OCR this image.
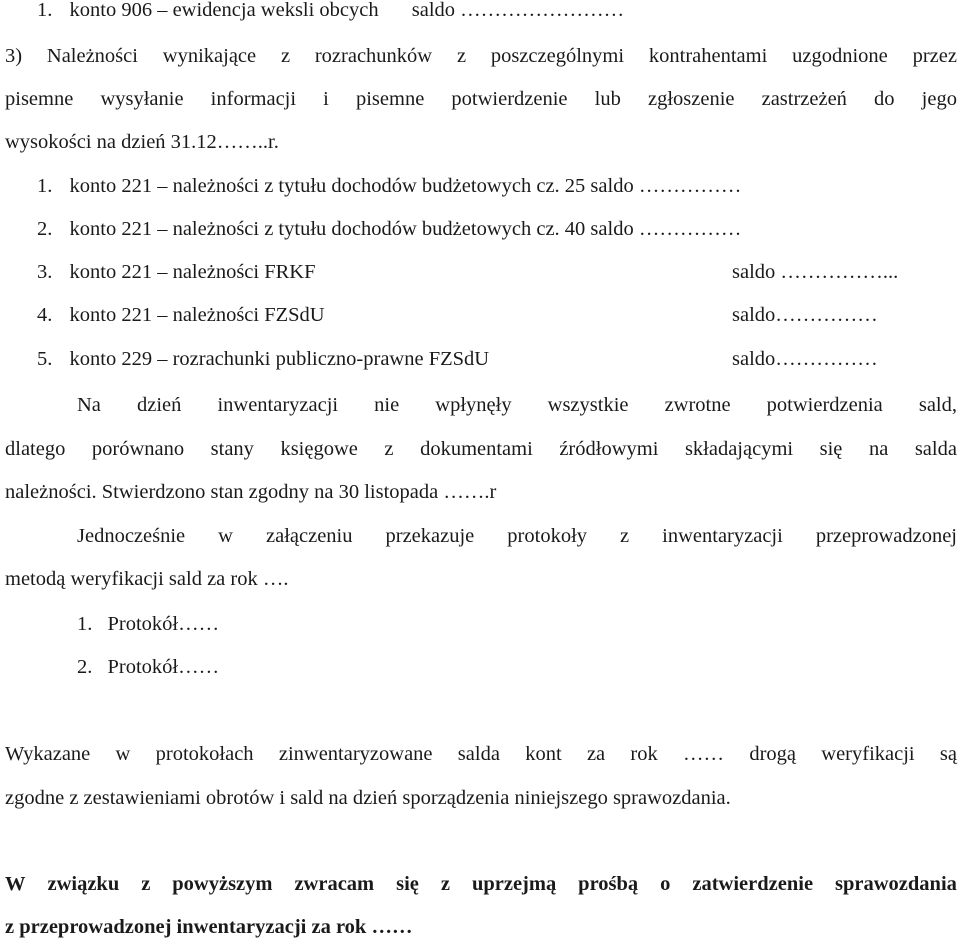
1. konto 906 – ewidencja weksli obcych saldo ……………………
3) Należności wynikające z rozrachunków z poszczególnymi kontrahentami uzgodnione przez
pisemne wysyłanie informacji i pisemne potwierdzenie lub zgłoszenie zastrzeżeń do jego
wysokości na dzień 31.12……..r.
1. konto 221 – należności z tytułu dochodów budżetowych cz. 25 saldo ……………
2. konto 221 – należności z tytułu dochodów budżetowych cz. 40 saldo ……………
3. konto 221 – należności FRKF	saldo ……………...
4. konto 221 – należności FZSdU	saldo……………
5. konto 229 – rozrachunki publiczno-prawne FZSdU	saldo……………
Na dzień inwentaryzacji nie wpłynęły wszystkie zwrotne potwierdzenia sald,
dlatego porównano stany księgowe z dokumentami źródłowymi składającymi się na salda
należności. Stwierdzono stan zgodny na 30 listopada …….r
Jednocześnie w załączeniu przekazuje protokoły z inwentaryzacji przeprowadzonej
metodą weryfikacji sald za rok ….
1. Protokół……
2. Protokół……
Wykazane w protokołach zinwentaryzowane salda kont za rok …… drogą weryfikacji są
zgodne z zestawieniami obrotów i sald na dzień sporządzenia niniejszego sprawozdania.
W związku z powyższym zwracam się z uprzejmą prośbą o zatwierdzenie sprawozdania
z przeprowadzonej inwentaryzacji za rok ……
